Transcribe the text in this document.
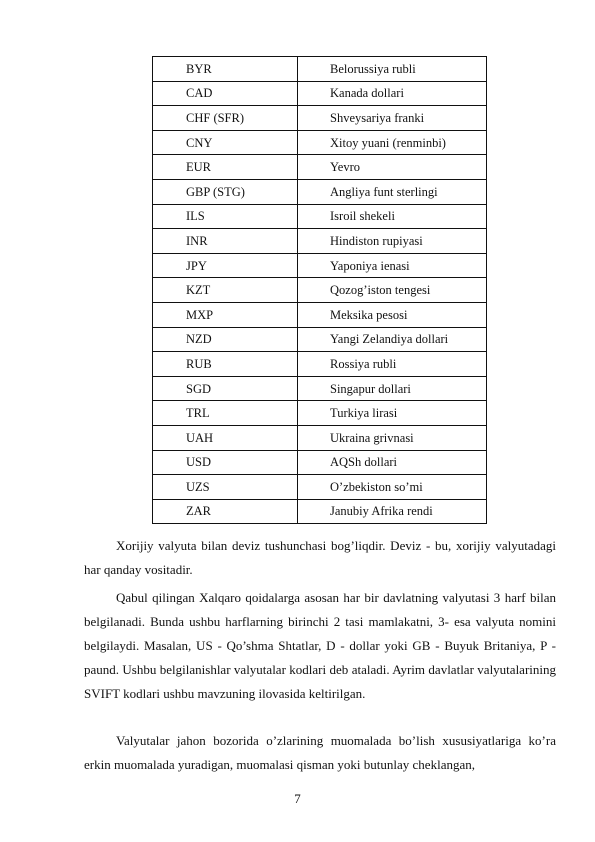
BYR	Belorussiya rubli
CAD	Kanada dollari
CHF (SFR)	Shveysariya franki
CNY	Xitoy yuani (renminbi)
EUR	Yevro
GBP (STG)	Angliya funt sterlingi
ILS	Isroil shekeli
INR	Hindiston rupiyasi
JPY	Yaponiya ienasi
KZT	Qozog’iston tengesi
MXP	Meksika pesosi
NZD	Yangi Zelandiya dollari
RUB	Rossiya rubli
SGD	Singapur dollari
TRL	Turkiya lirasi
UAH	Ukraina grivnasi
USD	AQSh dollari
UZS	O’zbekiston so’mi
ZAR	Janubiy Afrika rendi

Xorijiy valyuta bilan deviz tushunchasi bog’liqdir. Deviz - bu, xorijiy valyutadagi har qanday vositadir.

Qabul qilingan Xalqaro qoidalarga asosan har bir davlatning valyutasi 3 harf bilan belgilanadi. Bunda ushbu harflarning birinchi 2 tasi mamlakatni, 3- esa valyuta nomini belgilaydi. Masalan, US - Qo’shma Shtatlar, D - dollar yoki GB - Buyuk Britaniya, P - paund. Ushbu belgilanishlar valyutalar kodlari deb ataladi. Ayrim davlatlar valyutalarining SVIFT kodlari ushbu mavzuning ilovasida keltirilgan.

Valyutalar jahon bozorida o’zlarining muomalada bo’lish xususiyatlariga ko’ra erkin muomalada yuradigan, muomalasi qisman yoki butunlay cheklangan,

7
